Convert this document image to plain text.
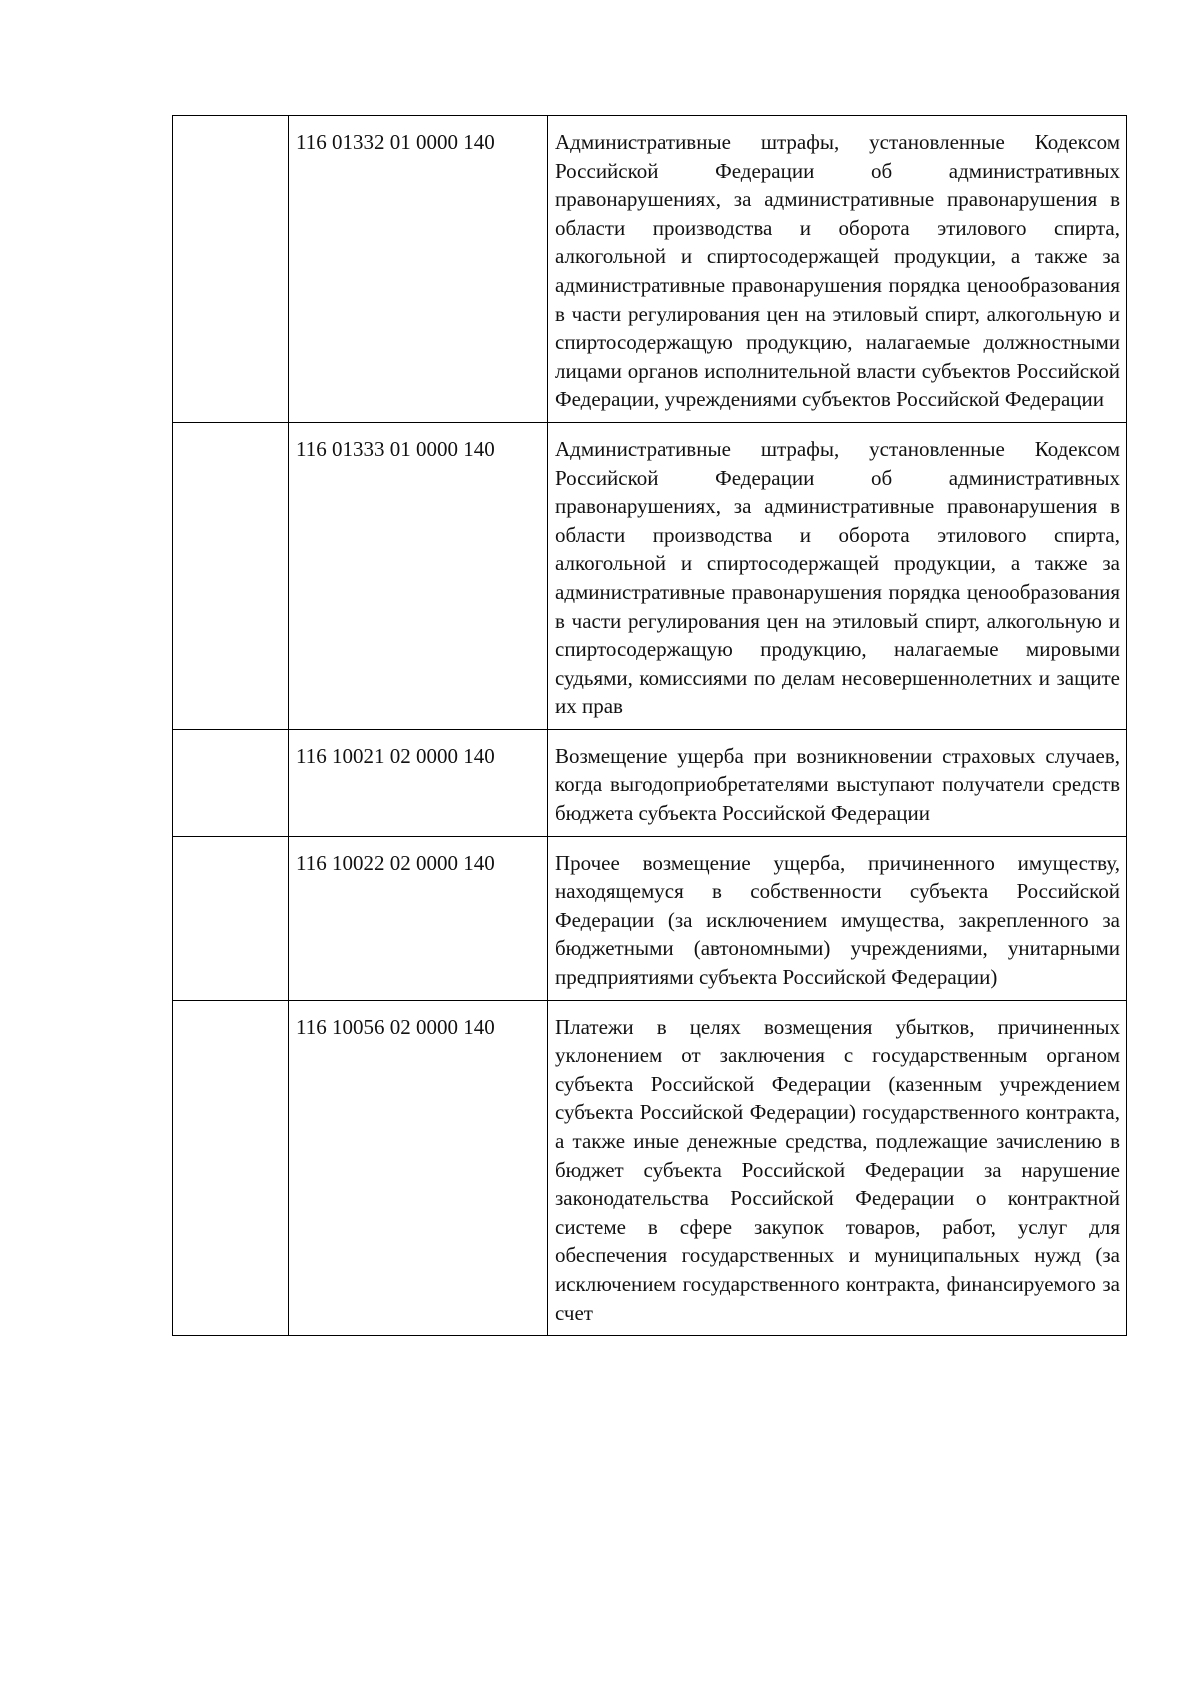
	116 01332 01 0000 140	Административные штрафы, установленные Кодексом Российской Федерации об административных правонарушениях, за административные правонарушения в области производства и оборота этилового спирта, алкогольной и спиртосодержащей продукции, а также за административные правонарушения порядка ценообразования в части регулирования цен на этиловый спирт, алкогольную и спиртосодержащую продукцию, налагаемые должностными лицами органов исполнительной власти субъектов Российской Федерации, учреждениями субъектов Российской Федерации
	116 01333 01 0000 140	Административные штрафы, установленные Кодексом Российской Федерации об административных правонарушениях, за административные правонарушения в области производства и оборота этилового спирта, алкогольной и спиртосодержащей продукции, а также за административные правонарушения порядка ценообразования в части регулирования цен на этиловый спирт, алкогольную и спиртосодержащую продукцию, налагаемые мировыми судьями, комиссиями по делам несовершеннолетних и защите их прав
	116 10021 02 0000 140	Возмещение ущерба при возникновении страховых случаев, когда выгодоприобретателями выступают получатели средств бюджета субъекта Российской Федерации
	116 10022 02 0000 140	Прочее возмещение ущерба, причиненного имуществу, находящемуся в собственности субъекта Российской Федерации (за исключением имущества, закрепленного за бюджетными (автономными) учреждениями, унитарными предприятиями субъекта Российской Федерации)
	116 10056 02 0000 140	Платежи в целях возмещения убытков, причиненных уклонением от заключения с государственным органом субъекта Российской Федерации (казенным учреждением субъекта Российской Федерации) государственного контракта, а также иные денежные средства, подлежащие зачислению в бюджет субъекта Российской Федерации за нарушение законодательства Российской Федерации о контрактной системе в сфере закупок товаров, работ, услуг для обеспечения государственных и муниципальных нужд (за исключением государственного контракта, финансируемого за счет
